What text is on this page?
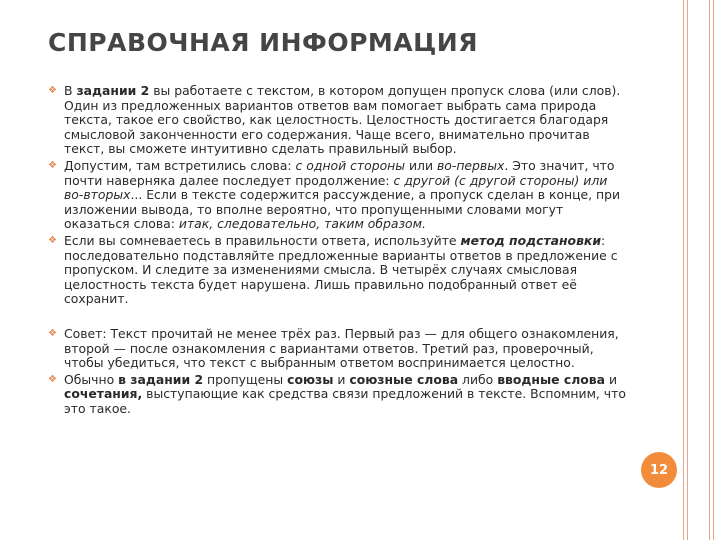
СПРАВОЧНАЯ ИНФОРМАЦИЯ
❖ В задании 2 вы работаете с текстом, в котором допущен пропуск слова (или слов). Один из предложенных вариантов ответов вам помогает выбрать сама природа текста, такое его свойство, как целостность. Целостность достигается благодаря смысловой законченности его содержания. Чаще всего, внимательно прочитав текст, вы сможете интуитивно сделать правильный выбор.
❖ Допустим, там встретились слова: с одной стороны или во-первых. Это значит, что почти наверняка далее последует продолжение: с другой (с другой стороны) или во-вторых... Если в тексте содержится рассуждение, а пропуск сделан в конце, при изложении вывода, то вполне вероятно, что пропущенными словами могут оказаться слова: итак, следовательно, таким образом.
❖ Если вы сомневаетесь в правильности ответа, используйте метод подстановки: последовательно подставляйте предложенные варианты ответов в предложение с пропуском. И следите за изменениями смысла. В четырёх случаях смысловая целостность текста будет нарушена. Лишь правильно подобранный ответ её сохранит.
❖ Совет: Текст прочитай не менее трёх раз. Первый раз — для общего ознакомления, второй — после ознакомления с вариантами ответов. Третий раз, проверочный, чтобы убедиться, что текст с выбранным ответом воспринимается целостно.
❖ Обычно в задании 2 пропущены союзы и союзные слова либо вводные слова и сочетания, выступающие как средства связи предложений в тексте. Вспомним, что это такое.
12
